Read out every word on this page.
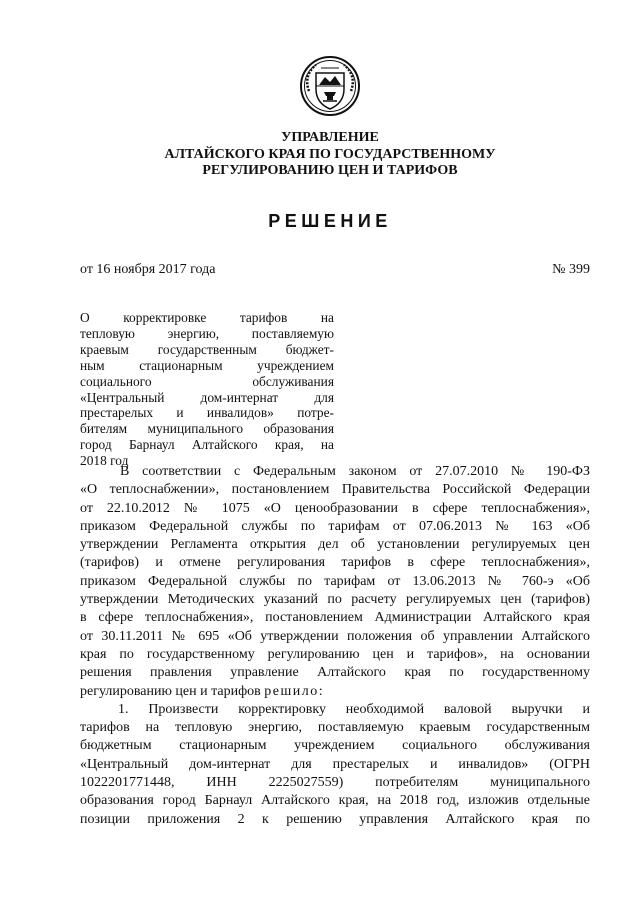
УПРАВЛЕНИЕ
АЛТАЙСКОГО КРАЯ ПО ГОСУДАРСТВЕННОМУ
РЕГУЛИРОВАНИЮ ЦЕН И ТАРИФОВ
РЕШЕНИЕ
от 16 ноября 2017 года	№ 399
О корректировке тарифов на
тепловую энергию, поставляемую
краевым государственным бюджет-
ным стационарным учреждением
социального обслуживания
«Центральный дом-интернат для
престарелых и инвалидов» потре-
бителям муниципального образования
город Барнаул Алтайского края, на
2018 год
В соответствии с Федеральным законом от 27.07.2010 № 190-ФЗ
«О теплоснабжении», постановлением Правительства Российской Федерации
от 22.10.2012 № 1075 «О ценообразовании в сфере теплоснабжения»,
приказом Федеральной службы по тарифам от 07.06.2013 № 163 «Об
утверждении Регламента открытия дел об установлении регулируемых цен
(тарифов) и отмене регулирования тарифов в сфере теплоснабжения»,
приказом Федеральной службы по тарифам от 13.06.2013 № 760-э «Об
утверждении Методических указаний по расчету регулируемых цен (тарифов)
в сфере теплоснабжения», постановлением Администрации Алтайского края
от 30.11.2011 № 695 «Об утверждении положения об управлении Алтайского
края по государственному регулированию цен и тарифов», на основании
решения правления управление Алтайского края по государственному
регулированию цен и тарифов решило:
1. Произвести корректировку необходимой валовой выручки и
тарифов на тепловую энергию, поставляемую краевым государственным
бюджетным стационарным учреждением социального обслуживания
«Центральный дом-интернат для престарелых и инвалидов» (ОГРН
1022201771448, ИНН 2225027559) потребителям муниципального
образования город Барнаул Алтайского края, на 2018 год, изложив отдельные
позиции приложения 2 к решению управления Алтайского края по
